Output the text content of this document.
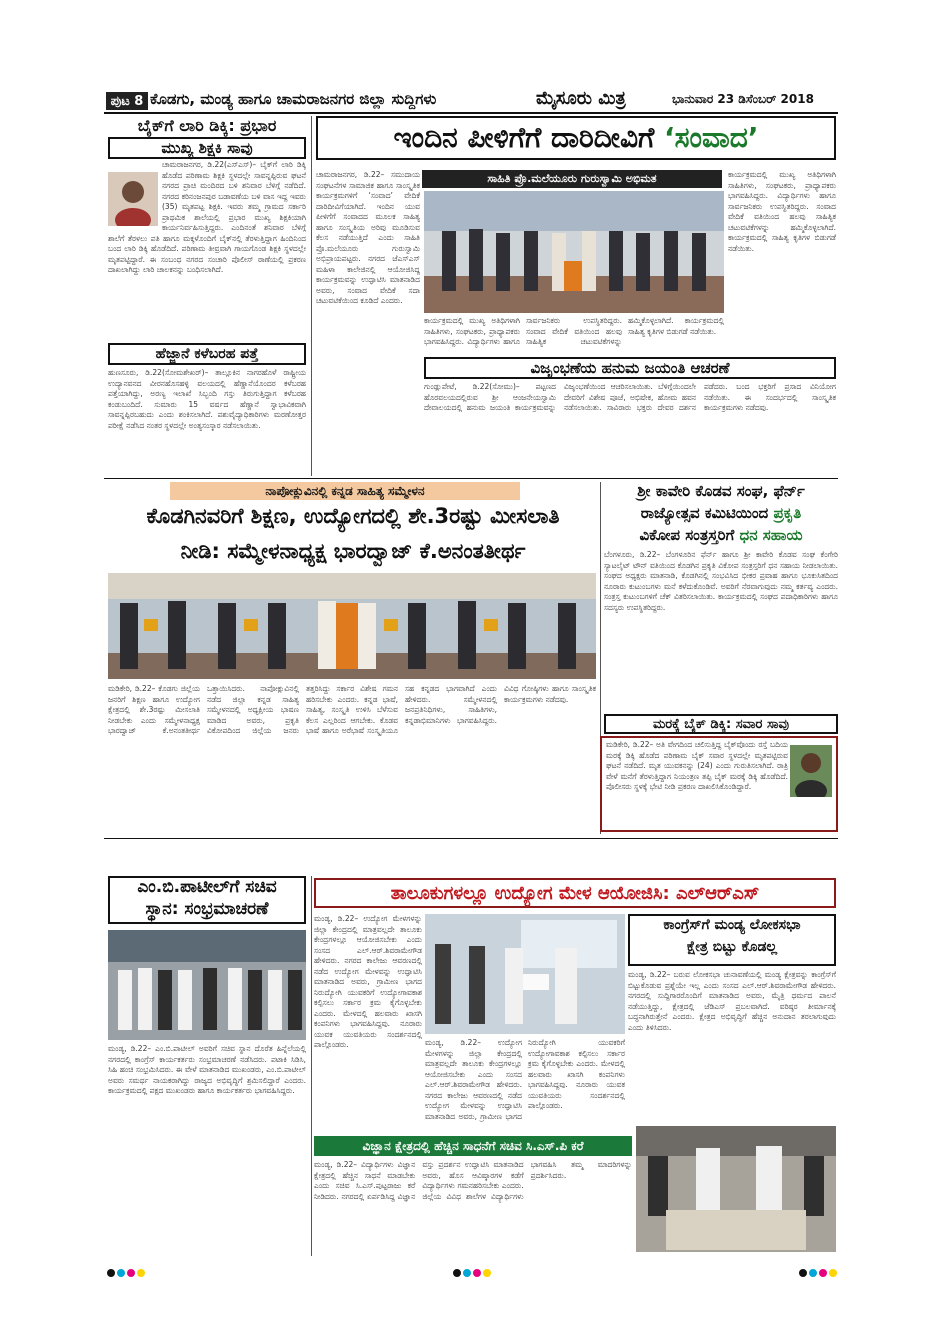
ಪುಟ 8 ಕೊಡಗು, ಮಂಡ್ಯ ಹಾಗೂ ಚಾಮರಾಜನಗರ ಜಿಲ್ಲಾ ಸುದ್ದಿಗಳು	ಮೈಸೂರು ಮಿತ್ರ	ಭಾನುವಾರ 23 ಡಿಸೆಂಬರ್ 2018
ಬೈಕ್‌ಗೆ ಲಾರಿ ಡಿಕ್ಕಿ: ಪ್ರಭಾರ
ಮುಖ್ಯ ಶಿಕ್ಷಕಿ ಸಾವು
ಚಾಮರಾಜನಗರ, ಡಿ.22(ಎಸ್‌ಎಸ್)– ಬೈಕ್‌ಗೆ ಲಾರಿ ಡಿಕ್ಕಿ ಹೊಡೆದ ಪರಿಣಾಮ ಶಿಕ್ಷಕಿ ಸ್ಥಳದಲ್ಲೇ ಸಾವನ್ನಪ್ಪಿರುವ ಘಟನೆ ನಗರದ ಪ್ರಾಚಿ ಮಂದಿರದ ಬಳಿ ಶನಿವಾರ ಬೆಳಿಗ್ಗೆ ನಡೆದಿದೆ. ನಗರದ ಕರಿನಂಜನಪುರ ಬಡಾವಣೆಯ ಬಳಿ ವಾಸ ಇದ್ದ ಇವರು (35) ಮೃತಪಟ್ಟ ಶಿಕ್ಷಕಿ. ಇವರು ತಮ್ಮ ಗ್ರಾಮದ ಸರ್ಕಾರಿ ಪ್ರಾಥಮಿಕ ಶಾಲೆಯಲ್ಲಿ ಪ್ರಭಾರ ಮುಖ್ಯ ಶಿಕ್ಷಕಿಯಾಗಿ ಕಾರ್ಯನಿರ್ವಹಿಸುತ್ತಿದ್ದರು. ಎಂದಿನಂತೆ ಶನಿವಾರ ಬೆಳಿಗ್ಗೆ ಶಾಲೆಗೆ ತೆರಳಲು ಪತಿ ಹಾಗೂ ಮಕ್ಕಳೊಂದಿಗೆ ಬೈಕ್‌ನಲ್ಲಿ ತೆರಳುತ್ತಿದ್ದಾಗ ಹಿಂದಿನಿಂದ ಬಂದ ಲಾರಿ ಡಿಕ್ಕಿ ಹೊಡೆದಿದೆ. ಪರಿಣಾಮ ತೀವ್ರವಾಗಿ ಗಾಯಗೊಂಡ ಶಿಕ್ಷಕಿ ಸ್ಥಳದಲ್ಲೇ ಮೃತಪಟ್ಟಿದ್ದಾರೆ. ಈ ಸಂಬಂಧ ನಗರದ ಸಂಚಾರಿ ಪೊಲೀಸ್ ಠಾಣೆಯಲ್ಲಿ ಪ್ರಕರಣ ದಾಖಲಾಗಿದ್ದು ಲಾರಿ ಚಾಲಕನನ್ನು ಬಂಧಿಸಲಾಗಿದೆ.
ಹೆಜ್ಜಾನೆ ಕಳೆಬರಹ ಪತ್ತೆ
ಹುಣಸೂರು, ಡಿ.22(ಸೋಮಶೇಖರ್)– ತಾಲ್ಲೂಕಿನ ನಾಗರಹೊಳೆ ರಾಷ್ಟ್ರೀಯ ಉದ್ಯಾನವನದ ವೀರನಹೊಸಹಳ್ಳಿ ವಲಯದಲ್ಲಿ ಹೆಣ್ಣಾನೆಯೊಂದರ ಕಳೆಬರಹ ಪತ್ತೆಯಾಗಿದ್ದು, ಅರಣ್ಯ ಇಲಾಖೆ ಸಿಬ್ಬಂದಿ ಗಸ್ತು ತಿರುಗುತ್ತಿದ್ದಾಗ ಕಳೆಬರಹ ಕಂಡುಬಂದಿದೆ. ಸುಮಾರು 15 ವರ್ಷದ ಹೆಣ್ಣಾನೆ ಸ್ವಾಭಾವಿಕವಾಗಿ ಸಾವನ್ನಪ್ಪಿರಬಹುದು ಎಂದು ಶಂಕಿಸಲಾಗಿದೆ. ಪಶುವೈದ್ಯಾಧಿಕಾರಿಗಳು ಮರಣೋತ್ತರ ಪರೀಕ್ಷೆ ನಡೆಸಿದ ನಂತರ ಸ್ಥಳದಲ್ಲೇ ಅಂತ್ಯಸಂಸ್ಕಾರ ನಡೆಸಲಾಯಿತು.
ಇಂದಿನ ಪೀಳಿಗೆಗೆ ದಾರಿದೀವಿಗೆ
‘ಸಂವಾದ’
ಸಾಹಿತಿ ಪ್ರೊ.ಮಲೆಯೂರು ಗುರುಸ್ವಾಮಿ ಅಭಿಮತ
ಚಾಮರಾಜನಗರ, ಡಿ.22– ಸಮುದಾಯ ಸಂಘಟನೆಗಳ ಸಾಮಾಜಿಕ ಹಾಗೂ ಸಾಂಸ್ಕೃತಿಕ ಕಾರ್ಯಕ್ರಮಗಳಿಗೆ ‘ಸಂವಾದ’ ವೇದಿಕೆ ದಾರಿದೀವಿಗೆಯಾಗಿದೆ. ಇಂದಿನ ಯುವ ಪೀಳಿಗೆಗೆ ಸಂವಾದದ ಮೂಲಕ ಸಾಹಿತ್ಯ ಹಾಗೂ ಸಂಸ್ಕೃತಿಯ ಅರಿವು ಮೂಡಿಸುವ ಕೆಲಸ ನಡೆಯುತ್ತಿದೆ ಎಂದು ಸಾಹಿತಿ ಪ್ರೊ.ಮಲೆಯೂರು ಗುರುಸ್ವಾಮಿ ಅಭಿಪ್ರಾಯಪಟ್ಟರು. ನಗರದ ಜೆಎಸ್‌ಎಸ್ ಮಹಿಳಾ ಕಾಲೇಜಿನಲ್ಲಿ ಆಯೋಜಿಸಿದ್ದ ಕಾರ್ಯಕ್ರಮವನ್ನು ಉದ್ಘಾಟಿಸಿ ಮಾತನಾಡಿದ ಅವರು, ಸಂವಾದ ವೇದಿಕೆ ಸದಾ ಚಟುವಟಿಕೆಯಿಂದ ಕೂಡಿದೆ ಎಂದರು.
ಕಾರ್ಯಕ್ರಮದಲ್ಲಿ ಮುಖ್ಯ ಅತಿಥಿಗಳಾಗಿ ಸಾಹಿತಿಗಳು, ಸಂಘಟಕರು, ಪ್ರಾಧ್ಯಾಪಕರು ಭಾಗವಹಿಸಿದ್ದರು. ವಿದ್ಯಾರ್ಥಿಗಳು ಹಾಗೂ ಸಾರ್ವಜನಿಕರು ಉಪಸ್ಥಿತರಿದ್ದರು. ಸಂವಾದ ವೇದಿಕೆ ವತಿಯಿಂದ ಹಲವು ಸಾಹಿತ್ಯಿಕ ಚಟುವಟಿಕೆಗಳನ್ನು ಹಮ್ಮಿಕೊಳ್ಳಲಾಗಿದೆ. ಕಾರ್ಯಕ್ರಮದಲ್ಲಿ ಸಾಹಿತ್ಯ ಕೃತಿಗಳ ಬಿಡುಗಡೆ ನಡೆಯಿತು.
ಕಾರ್ಯಕ್ರಮದಲ್ಲಿ ಮುಖ್ಯ ಅತಿಥಿಗಳಾಗಿ ಸಾಹಿತಿಗಳು, ಸಂಘಟಕರು, ಪ್ರಾಧ್ಯಾಪಕರು ಭಾಗವಹಿಸಿದ್ದರು. ವಿದ್ಯಾರ್ಥಿಗಳು ಹಾಗೂ ಸಾರ್ವಜನಿಕರು ಉಪಸ್ಥಿತರಿದ್ದರು. ಸಂವಾದ ವೇದಿಕೆ ವತಿಯಿಂದ ಹಲವು ಸಾಹಿತ್ಯಿಕ ಚಟುವಟಿಕೆಗಳನ್ನು ಹಮ್ಮಿಕೊಳ್ಳಲಾಗಿದೆ. ಕಾರ್ಯಕ್ರಮದಲ್ಲಿ ಸಾಹಿತ್ಯ ಕೃತಿಗಳ ಬಿಡುಗಡೆ ನಡೆಯಿತು.
ವಿಜೃಂಭಣೆಯ ಹನುಮ ಜಯಂತಿ ಆಚರಣೆ
ಗುಂಡ್ಲುಪೇಟೆ, ಡಿ.22(ಸೋಮು)– ಪಟ್ಟಣದ ಹೊರವಲಯದಲ್ಲಿರುವ ಶ್ರೀ ಆಂಜನೇಯಸ್ವಾಮಿ ದೇವಾಲಯದಲ್ಲಿ ಹನುಮ ಜಯಂತಿ ಕಾರ್ಯಕ್ರಮವನ್ನು ವಿಜೃಂಭಣೆಯಿಂದ ಆಚರಿಸಲಾಯಿತು. ಬೆಳಿಗ್ಗೆಯಿಂದಲೇ ದೇವರಿಗೆ ವಿಶೇಷ ಪೂಜೆ, ಅಭಿಷೇಕ, ಹೋಮ ಹವನ ನಡೆಸಲಾಯಿತು. ಸಾವಿರಾರು ಭಕ್ತರು ದೇವರ ದರ್ಶನ ಪಡೆದರು. ಬಂದ ಭಕ್ತರಿಗೆ ಪ್ರಸಾದ ವಿನಿಯೋಗ ನಡೆಯಿತು. ಈ ಸಂದರ್ಭದಲ್ಲಿ ಸಾಂಸ್ಕೃತಿಕ ಕಾರ್ಯಕ್ರಮಗಳು ನಡೆದವು.
ನಾಪೋಕ್ಲುವಿನಲ್ಲಿ ಕನ್ನಡ ಸಾಹಿತ್ಯ ಸಮ್ಮೇಳನ
ಕೊಡಗಿನವರಿಗೆ ಶಿಕ್ಷಣ, ಉದ್ಯೋಗದಲ್ಲಿ ಶೇ.3ರಷ್ಟು ಮೀಸಲಾತಿ
ನೀಡಿ: ಸಮ್ಮೇಳನಾಧ್ಯಕ್ಷ ಭಾರದ್ವಾಜ್ ಕೆ.ಅನಂತತೀರ್ಥ
ಮಡಿಕೇರಿ, ಡಿ.22– ಕೊಡಗು ಜಿಲ್ಲೆಯ ಜನರಿಗೆ ಶಿಕ್ಷಣ ಹಾಗೂ ಉದ್ಯೋಗ ಕ್ಷೇತ್ರದಲ್ಲಿ ಶೇ.3ರಷ್ಟು ಮೀಸಲಾತಿ ನೀಡಬೇಕು ಎಂದು ಸಮ್ಮೇಳನಾಧ್ಯಕ್ಷ ಭಾರದ್ವಾಜ್ ಕೆ.ಅನಂತತೀರ್ಥ ಒತ್ತಾಯಿಸಿದರು. ನಾಪೋಕ್ಲುವಿನಲ್ಲಿ ನಡೆದ ಜಿಲ್ಲಾ ಕನ್ನಡ ಸಾಹಿತ್ಯ ಸಮ್ಮೇಳನದಲ್ಲಿ ಅಧ್ಯಕ್ಷೀಯ ಭಾಷಣ ಮಾಡಿದ ಅವರು, ಪ್ರಕೃತಿ ವಿಕೋಪದಿಂದ ಜಿಲ್ಲೆಯ ಜನರು ತತ್ತರಿಸಿದ್ದು ಸರ್ಕಾರ ವಿಶೇಷ ಗಮನ ಹರಿಸಬೇಕು ಎಂದರು. ಕನ್ನಡ ಭಾಷೆ, ಸಾಹಿತ್ಯ, ಸಂಸ್ಕೃತಿ ಉಳಿಸಿ ಬೆಳೆಸುವ ಕೆಲಸ ಎಲ್ಲರಿಂದ ಆಗಬೇಕು. ಕೊಡವ ಭಾಷೆ ಹಾಗೂ ಅರೆಭಾಷೆ ಸಂಸ್ಕೃತಿಯೂ ಸಹ ಕನ್ನಡದ ಭಾಗವಾಗಿದೆ ಎಂದು ಹೇಳಿದರು. ಸಮ್ಮೇಳನದಲ್ಲಿ ಜನಪ್ರತಿನಿಧಿಗಳು, ಸಾಹಿತಿಗಳು, ಕನ್ನಡಾಭಿಮಾನಿಗಳು ಭಾಗವಹಿಸಿದ್ದರು. ವಿವಿಧ ಗೋಷ್ಠಿಗಳು ಹಾಗೂ ಸಾಂಸ್ಕೃತಿಕ ಕಾರ್ಯಕ್ರಮಗಳು ನಡೆದವು.
ಶ್ರೀ ಕಾವೇರಿ ಕೊಡವ ಸಂಘ, ಫೆರ್ನ್‌
ರಾಜ್ಯೋತ್ಸವ ಕಮಿಟಿಯಿಂದ ಪ್ರಕೃತಿ
ವಿಕೋಪ ಸಂತ್ರಸ್ತರಿಗೆ ಧನ ಸಹಾಯ
ಬೆಂಗಳೂರು, ಡಿ.22– ಬೆಂಗಳೂರಿನ ಫೆರ್ನ್ ಹಾಗೂ ಶ್ರೀ ಕಾವೇರಿ ಕೊಡವ ಸಂಘ ಕೆಂಗೇರಿ ಸ್ಯಾಟಲೈಟ್ ಟೌನ್ ವತಿಯಿಂದ ಕೊಡಗಿನ ಪ್ರಕೃತಿ ವಿಕೋಪ ಸಂತ್ರಸ್ತರಿಗೆ ಧನ ಸಹಾಯ ನೀಡಲಾಯಿತು. ಸಂಘದ ಅಧ್ಯಕ್ಷರು ಮಾತನಾಡಿ, ಕೊಡಗಿನಲ್ಲಿ ಸಂಭವಿಸಿದ ಭೀಕರ ಪ್ರವಾಹ ಹಾಗೂ ಭೂಕುಸಿತದಿಂದ ನೂರಾರು ಕುಟುಂಬಗಳು ಮನೆ ಕಳೆದುಕೊಂಡಿವೆ. ಅವರಿಗೆ ನೆರವಾಗುವುದು ನಮ್ಮ ಕರ್ತವ್ಯ ಎಂದರು. ಸಂತ್ರಸ್ತ ಕುಟುಂಬಗಳಿಗೆ ಚೆಕ್ ವಿತರಿಸಲಾಯಿತು. ಕಾರ್ಯಕ್ರಮದಲ್ಲಿ ಸಂಘದ ಪದಾಧಿಕಾರಿಗಳು ಹಾಗೂ ಸದಸ್ಯರು ಉಪಸ್ಥಿತರಿದ್ದರು.
ಮರಕ್ಕೆ ಬೈಕ್ ಡಿಕ್ಕಿ: ಸವಾರ ಸಾವು
ಮಡಿಕೇರಿ, ಡಿ.22– ಅತಿ ವೇಗದಿಂದ ಚಲಿಸುತ್ತಿದ್ದ ಬೈಕ್‌ವೊಂದು ರಸ್ತೆ ಬದಿಯ ಮರಕ್ಕೆ ಡಿಕ್ಕಿ ಹೊಡೆದ ಪರಿಣಾಮ ಬೈಕ್ ಸವಾರ ಸ್ಥಳದಲ್ಲೇ ಮೃತಪಟ್ಟಿರುವ ಘಟನೆ ನಡೆದಿದೆ. ಮೃತ ಯುವಕನನ್ನು (24) ಎಂದು ಗುರುತಿಸಲಾಗಿದೆ. ರಾತ್ರಿ ವೇಳೆ ಮನೆಗೆ ತೆರಳುತ್ತಿದ್ದಾಗ ನಿಯಂತ್ರಣ ತಪ್ಪಿ ಬೈಕ್ ಮರಕ್ಕೆ ಡಿಕ್ಕಿ ಹೊಡೆದಿದೆ. ಪೊಲೀಸರು ಸ್ಥಳಕ್ಕೆ ಭೇಟಿ ನೀಡಿ ಪ್ರಕರಣ ದಾಖಲಿಸಿಕೊಂಡಿದ್ದಾರೆ.
ಎಂ.ಬಿ.ಪಾಟೀಲ್‌ಗೆ ಸಚಿವ
ಸ್ಥಾನ: ಸಂಭ್ರಮಾಚರಣೆ
ಮಂಡ್ಯ, ಡಿ.22– ಎಂ.ಬಿ.ಪಾಟೀಲ್ ಅವರಿಗೆ ಸಚಿವ ಸ್ಥಾನ ದೊರೆತ ಹಿನ್ನೆಲೆಯಲ್ಲಿ ನಗರದಲ್ಲಿ ಕಾಂಗ್ರೆಸ್ ಕಾರ್ಯಕರ್ತರು ಸಂಭ್ರಮಾಚರಣೆ ನಡೆಸಿದರು. ಪಟಾಕಿ ಸಿಡಿಸಿ, ಸಿಹಿ ಹಂಚಿ ಸಂಭ್ರಮಿಸಿದರು. ಈ ವೇಳೆ ಮಾತನಾಡಿದ ಮುಖಂಡರು, ಎಂ.ಬಿ.ಪಾಟೀಲ್ ಅವರು ಸಮರ್ಥ ನಾಯಕರಾಗಿದ್ದು ರಾಜ್ಯದ ಅಭಿವೃದ್ಧಿಗೆ ಶ್ರಮಿಸಲಿದ್ದಾರೆ ಎಂದರು. ಕಾರ್ಯಕ್ರಮದಲ್ಲಿ ಪಕ್ಷದ ಮುಖಂಡರು ಹಾಗೂ ಕಾರ್ಯಕರ್ತರು ಭಾಗವಹಿಸಿದ್ದರು.
ತಾಲೂಕುಗಳಲ್ಲೂ ಉದ್ಯೋಗ ಮೇಳ ಆಯೋಜಿಸಿ: ಎಲ್‌ಆರ್‌ಎಸ್
ಮಂಡ್ಯ, ಡಿ.22– ಉದ್ಯೋಗ ಮೇಳಗಳನ್ನು ಜಿಲ್ಲಾ ಕೇಂದ್ರದಲ್ಲಿ ಮಾತ್ರವಲ್ಲದೇ ತಾಲೂಕು ಕೇಂದ್ರಗಳಲ್ಲೂ ಆಯೋಜಿಸಬೇಕು ಎಂದು ಸಂಸದ ಎಲ್.ಆರ್.ಶಿವರಾಮೇಗೌಡ ಹೇಳಿದರು. ನಗರದ ಕಾಲೇಜು ಆವರಣದಲ್ಲಿ ನಡೆದ ಉದ್ಯೋಗ ಮೇಳವನ್ನು ಉದ್ಘಾಟಿಸಿ ಮಾತನಾಡಿದ ಅವರು, ಗ್ರಾಮೀಣ ಭಾಗದ ನಿರುದ್ಯೋಗಿ ಯುವಕರಿಗೆ ಉದ್ಯೋಗಾವಕಾಶ ಕಲ್ಪಿಸಲು ಸರ್ಕಾರ ಕ್ರಮ ಕೈಗೊಳ್ಳಬೇಕು ಎಂದರು. ಮೇಳದಲ್ಲಿ ಹಲವಾರು ಖಾಸಗಿ ಕಂಪನಿಗಳು ಭಾಗವಹಿಸಿದ್ದವು. ನೂರಾರು ಯುವಕ ಯುವತಿಯರು ಸಂದರ್ಶನದಲ್ಲಿ ಪಾಲ್ಗೊಂಡರು.	ಮಂಡ್ಯ, ಡಿ.22– ಉದ್ಯೋಗ ಮೇಳಗಳನ್ನು ಜಿಲ್ಲಾ ಕೇಂದ್ರದಲ್ಲಿ ಮಾತ್ರವಲ್ಲದೇ ತಾಲೂಕು ಕೇಂದ್ರಗಳಲ್ಲೂ ಆಯೋಜಿಸಬೇಕು ಎಂದು ಸಂಸದ ಎಲ್.ಆರ್.ಶಿವರಾಮೇಗೌಡ ಹೇಳಿದರು. ನಗರದ ಕಾಲೇಜು ಆವರಣದಲ್ಲಿ ನಡೆದ ಉದ್ಯೋಗ ಮೇಳವನ್ನು ಉದ್ಘಾಟಿಸಿ ಮಾತನಾಡಿದ ಅವರು, ಗ್ರಾಮೀಣ ಭಾಗದ ನಿರುದ್ಯೋಗಿ ಯುವಕರಿಗೆ ಉದ್ಯೋಗಾವಕಾಶ ಕಲ್ಪಿಸಲು ಸರ್ಕಾರ ಕ್ರಮ ಕೈಗೊಳ್ಳಬೇಕು ಎಂದರು. ಮೇಳದಲ್ಲಿ ಹಲವಾರು ಖಾಸಗಿ ಕಂಪನಿಗಳು ಭಾಗವಹಿಸಿದ್ದವು. ನೂರಾರು ಯುವಕ ಯುವತಿಯರು ಸಂದರ್ಶನದಲ್ಲಿ ಪಾಲ್ಗೊಂಡರು.
ಕಾಂಗ್ರೆಸ್‌ಗೆ ಮಂಡ್ಯ ಲೋಕಸಭಾ
ಕ್ಷೇತ್ರ ಬಿಟ್ಟು ಕೊಡಲ್ಲ
ಮಂಡ್ಯ, ಡಿ.22– ಬರುವ ಲೋಕಸಭಾ ಚುನಾವಣೆಯಲ್ಲಿ ಮಂಡ್ಯ ಕ್ಷೇತ್ರವನ್ನು ಕಾಂಗ್ರೆಸ್‌ಗೆ ಬಿಟ್ಟುಕೊಡುವ ಪ್ರಶ್ನೆಯೇ ಇಲ್ಲ ಎಂದು ಸಂಸದ ಎಲ್.ಆರ್.ಶಿವರಾಮೇಗೌಡ ಹೇಳಿದರು. ನಗರದಲ್ಲಿ ಸುದ್ದಿಗಾರರೊಂದಿಗೆ ಮಾತನಾಡಿದ ಅವರು, ಮೈತ್ರಿ ಧರ್ಮದ ಪಾಲನೆ ನಡೆಯುತ್ತಿದ್ದು, ಕ್ಷೇತ್ರದಲ್ಲಿ ಜೆಡಿಎಸ್ ಪ್ರಬಲವಾಗಿದೆ. ವರಿಷ್ಠರ ತೀರ್ಮಾನಕ್ಕೆ ಬದ್ಧನಾಗಿರುತ್ತೇನೆ ಎಂದರು. ಕ್ಷೇತ್ರದ ಅಭಿವೃದ್ಧಿಗೆ ಹೆಚ್ಚಿನ ಅನುದಾನ ತರಲಾಗುವುದು ಎಂದು ತಿಳಿಸಿದರು.
ವಿಜ್ಞಾನ ಕ್ಷೇತ್ರದಲ್ಲಿ ಹೆಚ್ಚಿನ ಸಾಧನೆಗೆ ಸಚಿವ ಸಿ.ಎಸ್.ಪಿ ಕರೆ
ಮಂಡ್ಯ, ಡಿ.22– ವಿದ್ಯಾರ್ಥಿಗಳು ವಿಜ್ಞಾನ ಕ್ಷೇತ್ರದಲ್ಲಿ ಹೆಚ್ಚಿನ ಸಾಧನೆ ಮಾಡಬೇಕು ಎಂದು ಸಚಿವ ಸಿ.ಎಸ್.ಪುಟ್ಟರಾಜು ಕರೆ ನೀಡಿದರು. ನಗರದಲ್ಲಿ ಏರ್ಪಡಿಸಿದ್ದ ವಿಜ್ಞಾನ ವಸ್ತು ಪ್ರದರ್ಶನ ಉದ್ಘಾಟಿಸಿ ಮಾತನಾಡಿದ ಅವರು, ಹೊಸ ಆವಿಷ್ಕಾರಗಳ ಕಡೆಗೆ ವಿದ್ಯಾರ್ಥಿಗಳು ಗಮನಹರಿಸಬೇಕು ಎಂದರು. ಜಿಲ್ಲೆಯ ವಿವಿಧ ಶಾಲೆಗಳ ವಿದ್ಯಾರ್ಥಿಗಳು ಭಾಗವಹಿಸಿ ತಮ್ಮ ಮಾದರಿಗಳನ್ನು ಪ್ರದರ್ಶಿಸಿದರು.
